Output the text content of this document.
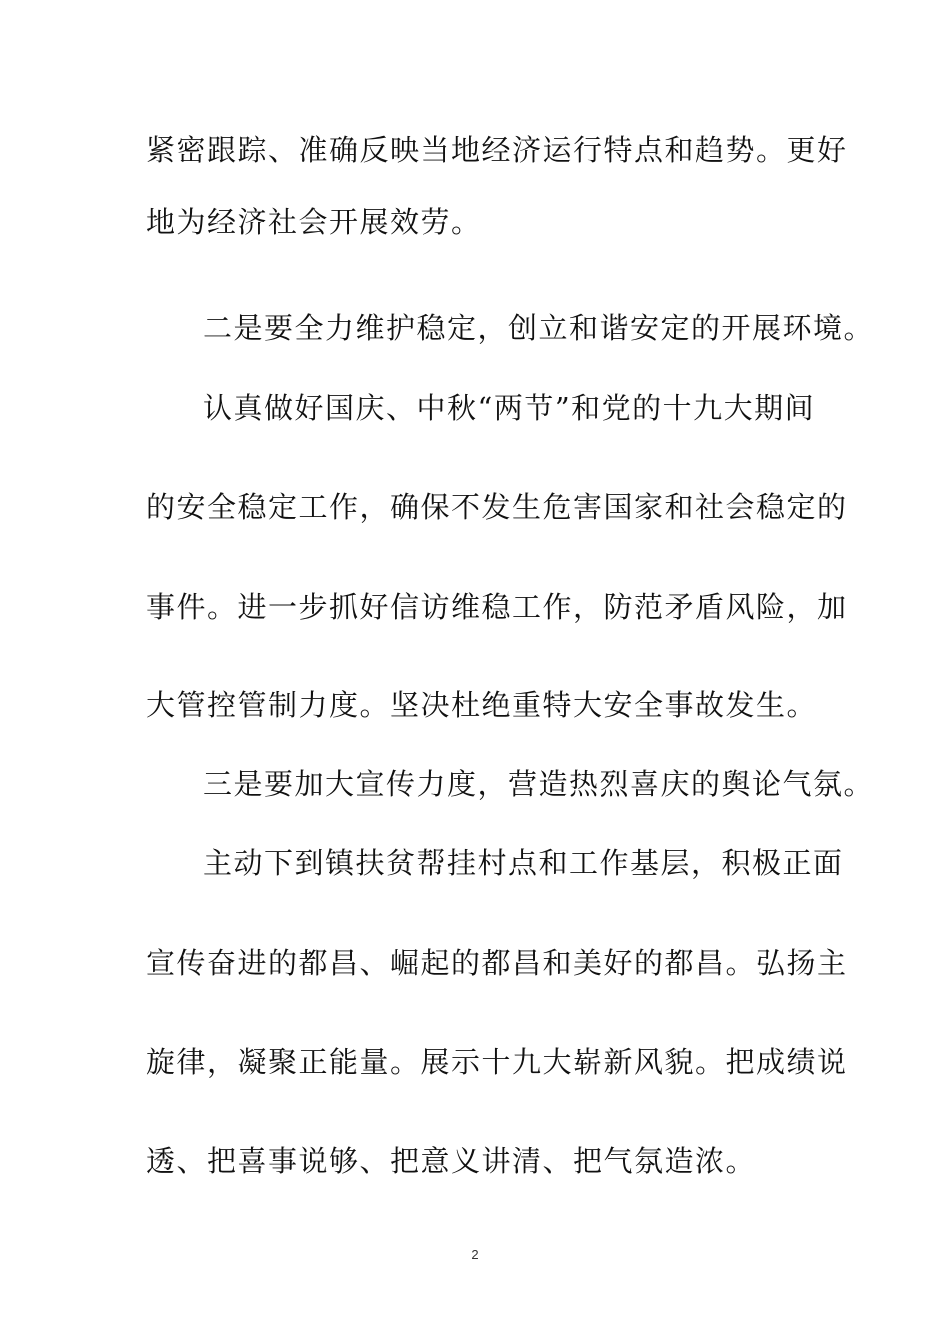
紧密跟踪、准确反映当地经济运行特点和趋势。更好
地为经济社会开展效劳。
二是要全力维护稳定，创立和谐安定的开展环境。
认真做好国庆、中秋“两节”和党的十九大期间
的安全稳定工作，确保不发生危害国家和社会稳定的
事件。进一步抓好信访维稳工作，防范矛盾风险，加
大管控管制力度。坚决杜绝重特大安全事故发生。
三是要加大宣传力度，营造热烈喜庆的舆论气氛。
主动下到镇扶贫帮挂村点和工作基层，积极正面
宣传奋进的都昌、崛起的都昌和美好的都昌。弘扬主
旋律，凝聚正能量。展示十九大崭新风貌。把成绩说
透、把喜事说够、把意义讲清、把气氛造浓。
2
